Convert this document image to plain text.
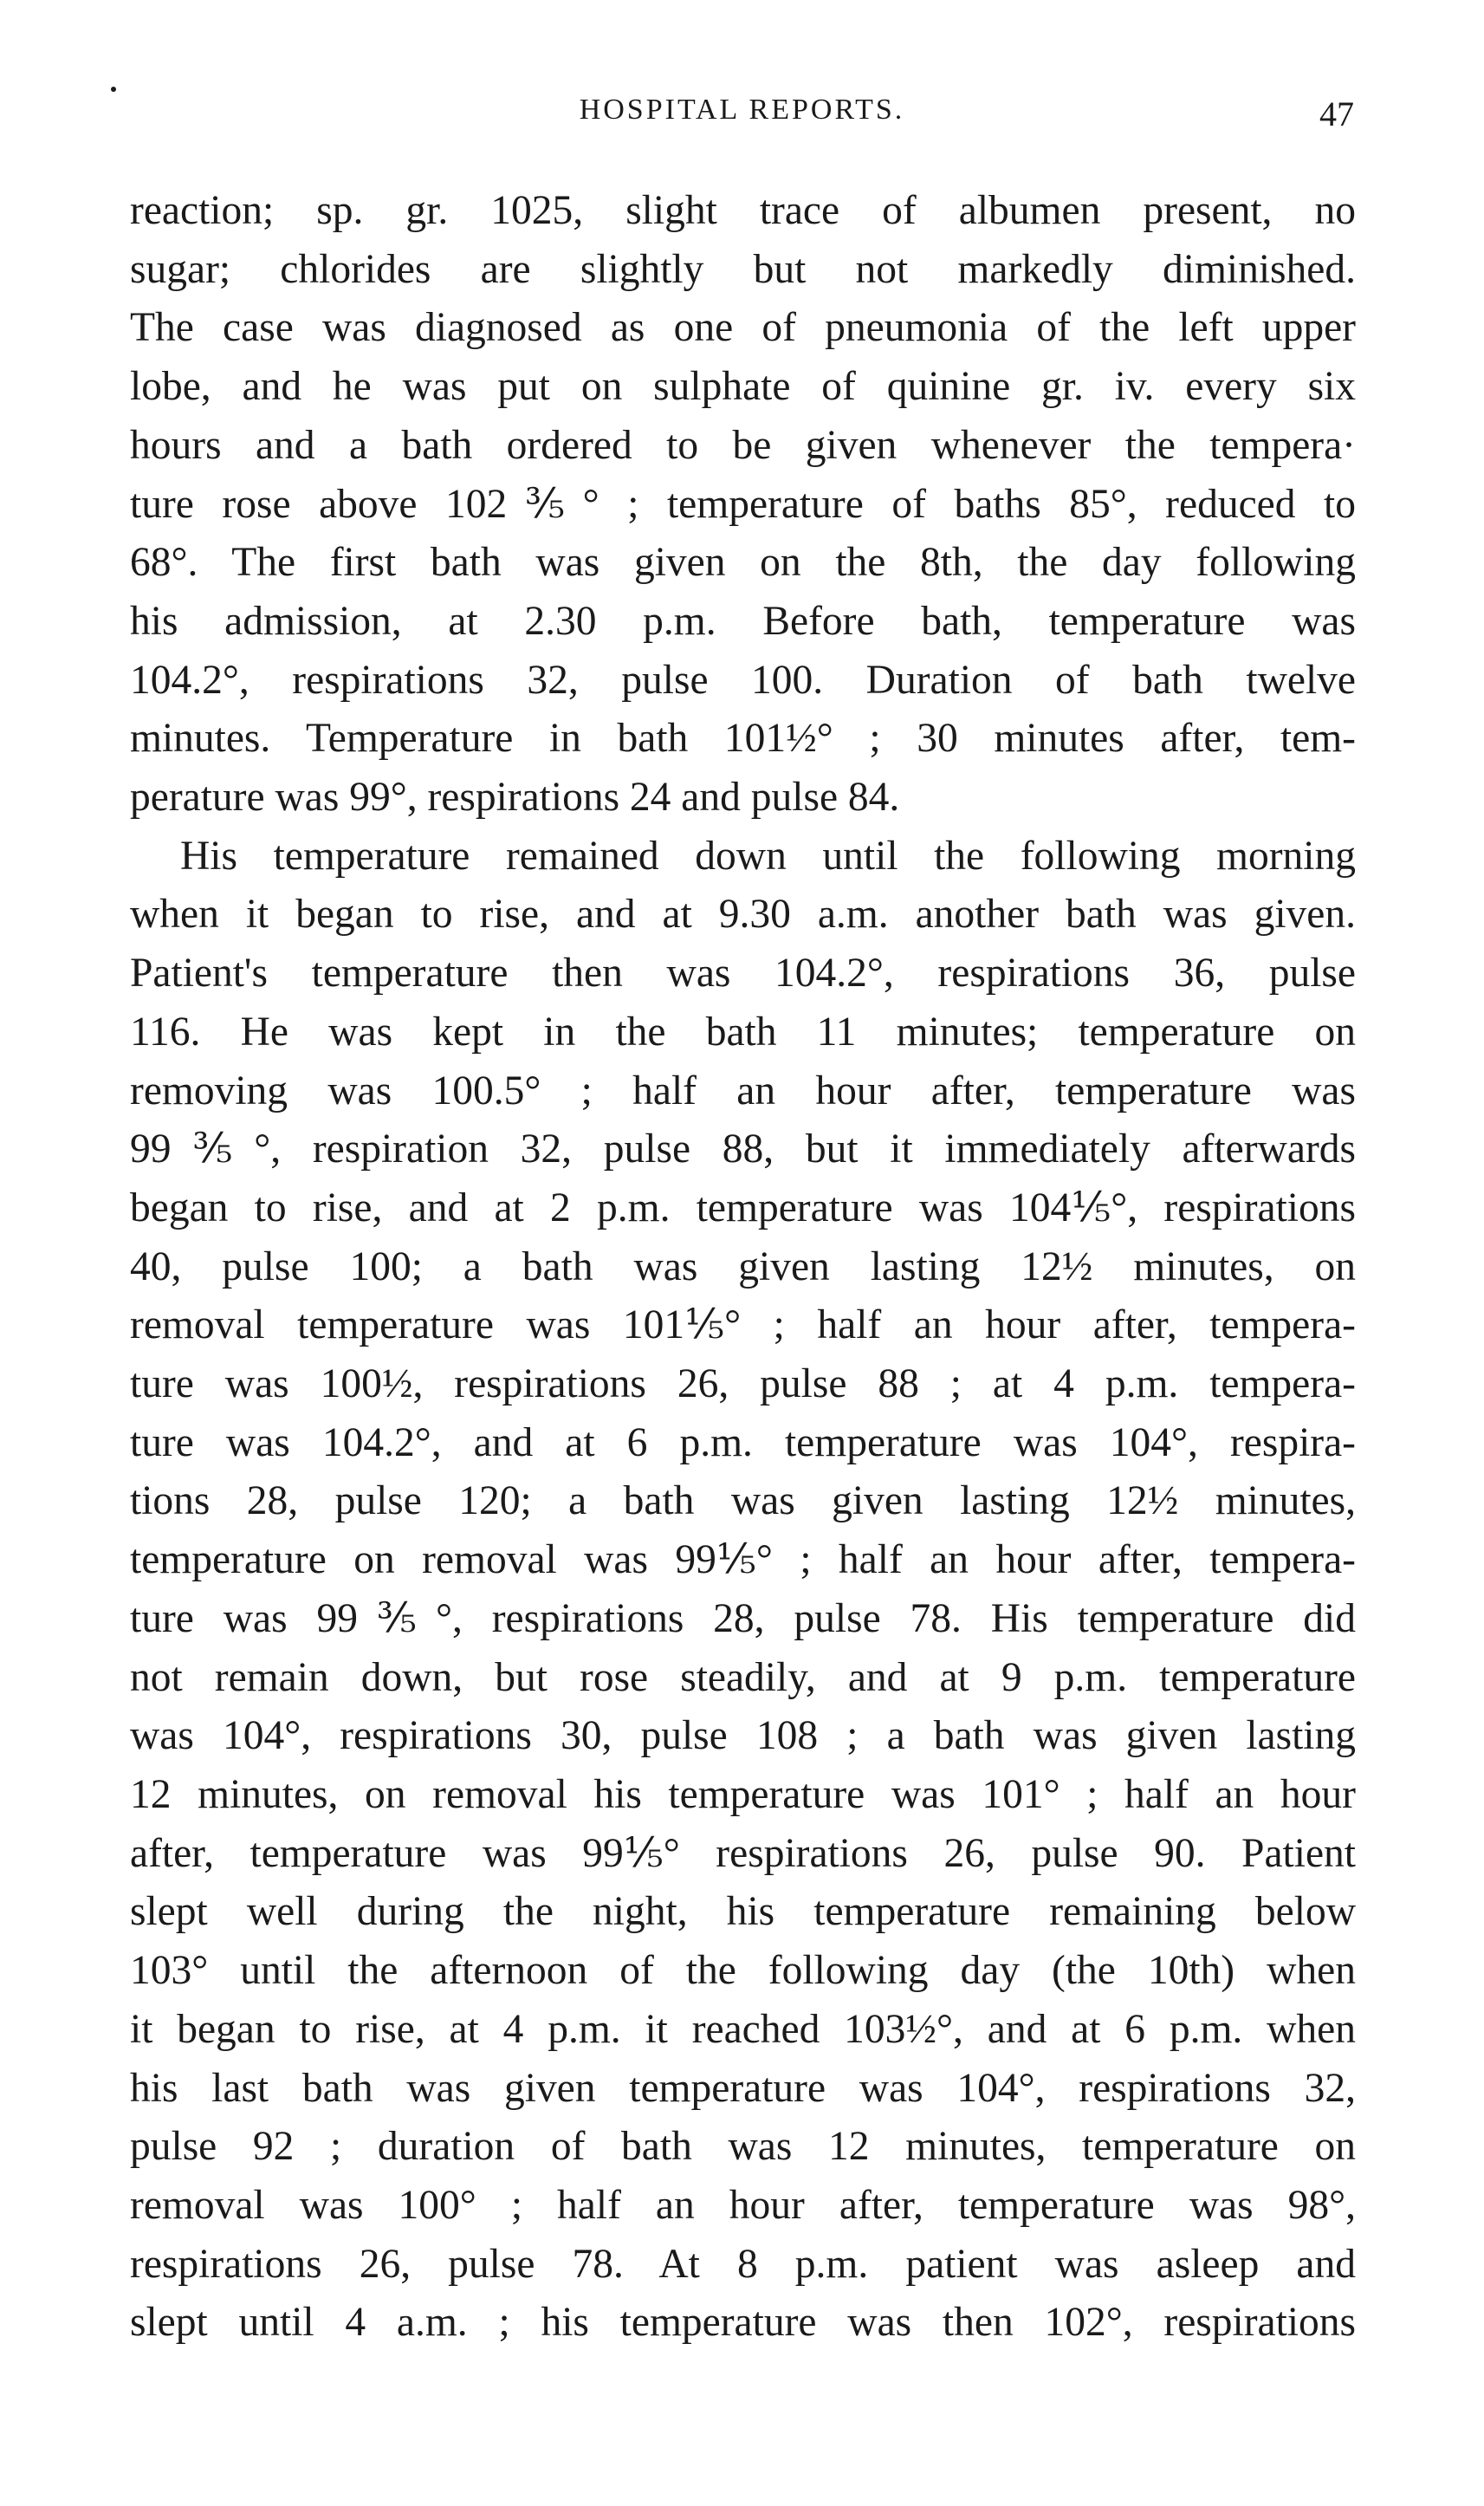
HOSPITAL REPORTS.	47
reaction; sp. gr. 1025, slight trace of albumen present, no
sugar; chlorides are slightly but not markedly diminished.
The case was diagnosed as one of pneumonia of the left upper
lobe, and he was put on sulphate of quinine gr. iv. every six
hours and a bath ordered to be given whenever the tempera·
ture rose above 102⅗° ; temperature of baths 85°, reduced to
68°. The first bath was given on the 8th, the day following
his admission, at 2.30 p.m. Before bath, temperature was
104.2°, respirations 32, pulse 100. Duration of bath twelve
minutes. Temperature in bath 101½° ; 30 minutes after, tem-
perature was 99°, respirations 24 and pulse 84.
His temperature remained down until the following morning
when it began to rise, and at 9.30 a.m. another bath was given.
Patient's temperature then was 104.2°, respirations 36, pulse
116. He was kept in the bath 11 minutes; temperature on
removing was 100.5° ; half an hour after, temperature was
99⅗°, respiration 32, pulse 88, but it immediately afterwards
began to rise, and at 2 p.m. temperature was 104⅕°, respirations
40, pulse 100; a bath was given lasting 12½ minutes, on
removal temperature was 101⅕° ; half an hour after, tempera-
ture was 100½, respirations 26, pulse 88 ; at 4 p.m. tempera-
ture was 104.2°, and at 6 p.m. temperature was 104°, respira-
tions 28, pulse 120; a bath was given lasting 12½ minutes,
temperature on removal was 99⅕° ; half an hour after, tempera-
ture was 99⅗°, respirations 28, pulse 78. His temperature did
not remain down, but rose steadily, and at 9 p.m. temperature
was 104°, respirations 30, pulse 108 ; a bath was given lasting
12 minutes, on removal his temperature was 101° ; half an hour
after, temperature was 99⅕° respirations 26, pulse 90. Patient
slept well during the night, his temperature remaining below
103° until the afternoon of the following day (the 10th) when
it began to rise, at 4 p.m. it reached 103½°, and at 6 p.m. when
his last bath was given temperature was 104°, respirations 32,
pulse 92 ; duration of bath was 12 minutes, temperature on
removal was 100° ; half an hour after, temperature was 98°,
respirations 26, pulse 78. At 8 p.m. patient was asleep and
slept until 4 a.m. ; his temperature was then 102°, respirations
